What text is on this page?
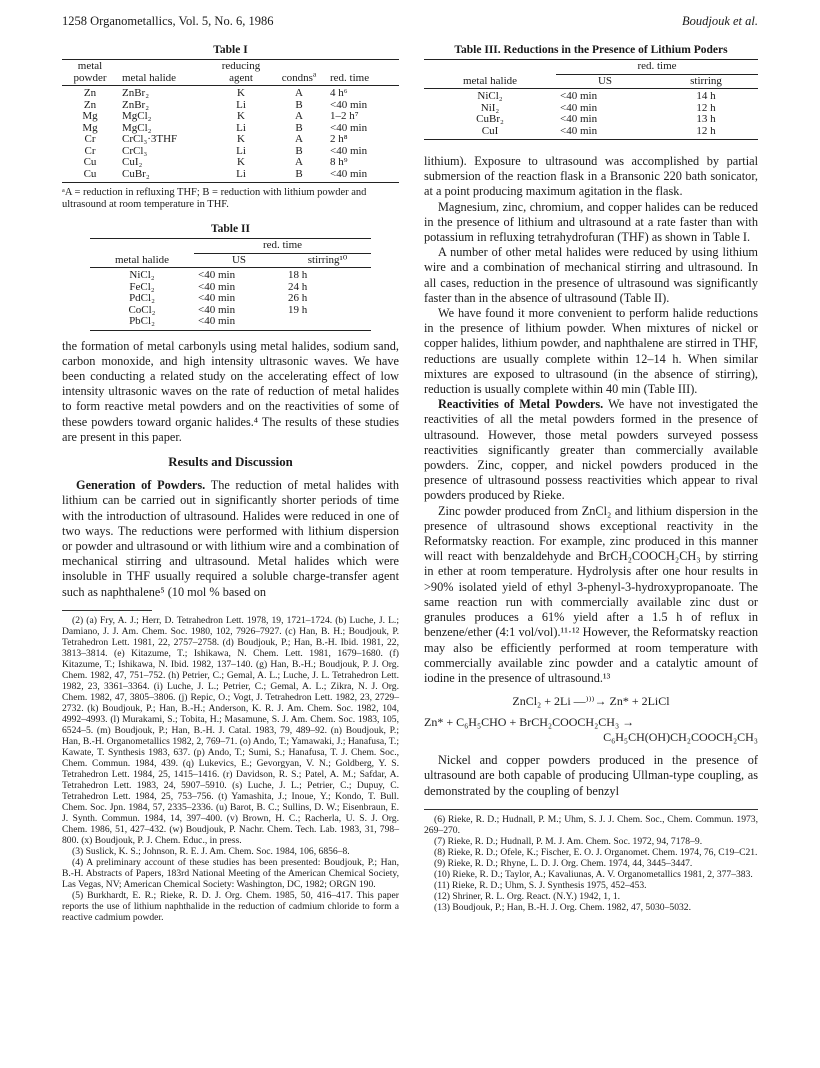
1258 Organometallics, Vol. 5, No. 6, 1986	Boudjouk et al.
Table I
metal powder	metal halide	reducing agent	condns$^a$	red. time
Zn	ZnBr₂	K	A	4 h⁶
Zn	ZnBr₂	Li	B	<40 min
Mg	MgCl₂	K	A	1–2 h⁷
Mg	MgCl₂	Li	B	<40 min
Cr	CrCl₃·3THF	K	A	2 h⁸
Cr	CrCl₃	Li	B	<40 min
Cu	CuI₂	K	A	8 h⁹
Cu	CuBr₂	Li	B	<40 min
ᵃA = reduction in refluxing THF; B = reduction with lithium powder and ultrasound at room temperature in THF.
Table II
	red. time	
metal halide	US	stirring¹⁰
NiCl₂	<40 min	18 h
FeCl₂	<40 min	24 h
PdCl₂	<40 min	26 h
CoCl₂	<40 min	19 h
PbCl₂	<40 min	

the formation of metal carbonyls using metal halides, sodium sand, carbon monoxide, and high intensity ultrasonic waves. We have been conducting a related study on the accelerating effect of low intensity ultrasonic waves on the rate of reduction of metal halides to form reactive metal powders and on the reactivities of some of these powders toward organic halides.⁴ The results of these studies are present in this paper.

Results and Discussion

Generation of Powders. The reduction of metal halides with lithium can be carried out in significantly shorter periods of time with the introduction of ultrasound. Halides were reduced in one of two ways. The reductions were performed with lithium dispersion or powder and ultrasound or with lithium wire and a combination of mechanical stirring and ultrasound. Metal halides which were insoluble in THF usually required a soluble charge-transfer agent such as naphthalene⁵ (10 mol % based on

(2) (a) Fry, A. J.; Herr, D. Tetrahedron Lett. 1978, 19, 1721–1724. (b) Luche, J. L.; Damiano, J. J. Am. Chem. Soc. 1980, 102, 7926–7927. (c) Han, B. H.; Boudjouk, P. Tetrahedron Lett. 1981, 22, 2757–2758. (d) Boudjouk, P.; Han, B.-H. Ibid. 1981, 22, 3813–3814. (e) Kitazume, T.; Ishikawa, N. Chem. Lett. 1981, 1679–1680. (f) Kitazume, T.; Ishikawa, N. Ibid. 1982, 137–140. (g) Han, B.-H.; Boudjouk, P. J. Org. Chem. 1982, 47, 751–752. (h) Petrier, C.; Gemal, A. L.; Luche, J. L. Tetrahedron Lett. 1982, 23, 3361–3364. (i) Luche, J. L.; Petrier, C.; Gemal, A. L.; Zikra, N. J. Org. Chem. 1982, 47, 3805–3806. (j) Repic, O.; Vogt, J. Tetrahedron Lett. 1982, 23, 2729–2732. (k) Boudjouk, P.; Han, B.-H.; Anderson, K. R. J. Am. Chem. Soc. 1982, 104, 4992–4993. (l) Murakami, S.; Tobita, H.; Masamune, S. J. Am. Chem. Soc. 1983, 105, 6524–5. (m) Boudjouk, P.; Han, B.-H. J. Catal. 1983, 79, 489–92. (n) Boudjouk, P.; Han, B.-H. Organometallics 1982, 2, 769–71. (o) Ando, T.; Yamawaki, J.; Hanafusa, T.; Kawate, T. Synthesis 1983, 637. (p) Ando, T.; Sumi, S.; Hanafusa, T. J. Chem. Soc., Chem. Commun. 1984, 439. (q) Lukevics, E.; Gevorgyan, V. N.; Goldberg, Y. S. Tetrahedron Lett. 1984, 25, 1415–1416. (r) Davidson, R. S.; Patel, A. M.; Safdar, A. Tetrahedron Lett. 1983, 24, 5907–5910. (s) Luche, J. L.; Petrier, C.; Dupuy, C. Tetrahedron Lett. 1984, 25, 753–756. (t) Yamashita, J.; Inoue, Y.; Kondo, T. Bull. Chem. Soc. Jpn. 1984, 57, 2335–2336. (u) Barot, B. C.; Sullins, D. W.; Eisenbraun, E. J. Synth. Commun. 1984, 14, 397–400. (v) Brown, H. C.; Racherla, U. S. J. Org. Chem. 1986, 51, 427–432. (w) Boudjouk, P. Nachr. Chem. Tech. Lab. 1983, 31, 798–800. (x) Boudjouk, P. J. Chem. Educ., in press.

(3) Suslick, K. S.; Johnson, R. E. J. Am. Chem. Soc. 1984, 106, 6856–8.

(4) A preliminary account of these studies has been presented: Boudjouk, P.; Han, B.-H. Abstracts of Papers, 183rd National Meeting of the American Chemical Society, Las Vegas, NV; American Chemical Society: Washington, DC, 1982; ORGN 190.

(5) Burkhardt, E. R.; Rieke, R. D. J. Org. Chem. 1985, 50, 416–417. This paper reports the use of lithium naphthalide in the reduction of cadmium chloride to form a reactive cadmium powder.

Table III. Reductions in the Presence of Lithium Poders
	red. time	
metal halide	US	stirring
NiCl₂	<40 min	14 h
NiI₂	<40 min	12 h
CuBr₂	<40 min	13 h
CuI	<40 min	12 h

lithium). Exposure to ultrasound was accomplished by partial submersion of the reaction flask in a Bransonic 220 bath sonicator, at a point producing maximum agitation in the flask.

Magnesium, zinc, chromium, and copper halides can be reduced in the presence of lithium and ultrasound at a rate faster than with potassium in refluxing tetrahydrofuran (THF) as shown in Table I.

A number of other metal halides were reduced by using lithium wire and a combination of mechanical stirring and ultrasound. In all cases, reduction in the presence of ultrasound was significantly faster than in the absence of ultrasound (Table II).

We have found it more convenient to perform halide reductions in the presence of lithium powder. When mixtures of nickel or copper halides, lithium powder, and naphthalene are stirred in THF, reductions are usually complete within 12–14 h. When similar mixtures are exposed to ultrasound (in the absence of stirring), reduction is usually complete within 40 min (Table III).

Reactivities of Metal Powders. We have not investigated the reactivities of all the metal powders formed in the presence of ultrasound. However, those metal powders surveyed possess reactivities significantly greater than commercially available powders. Zinc, copper, and nickel powders produced in the presence of ultrasound possess reactivities which appear to rival powders produced by Rieke.

Zinc powder produced from ZnCl₂ and lithium dispersion in the presence of ultrasound shows exceptional reactivity in the Reformatsky reaction. For example, zinc produced in this manner will react with benzaldehyde and BrCH₂COOCH₂CH₃ by stirring in ether at room temperature. Hydrolysis after one hour results in >90% isolated yield of ethyl 3-phenyl-3-hydroxypropanoate. The same reaction run with commercially available zinc dust or granules produces a 61% yield after a 1.5 h of reflux in benzene/ether (4:1 vol/vol).¹¹·¹² However, the Reformatsky reaction may also be efficiently performed at room temperature with commercially available zinc powder and a catalytic amount of iodine in the presence of ultrasound.¹³

ZnCl₂ + 2Li —⁾⁾⁾→ Zn* + 2LiCl
Zn* + C₆H₅CHO + BrCH₂COOCH₂CH₃ →
C₆H₅CH(OH)CH₂COOCH₂CH₃

Nickel and copper powders produced in the presence of ultrasound are both capable of producing Ullman-type coupling, as demonstrated by the coupling of benzyl

(6) Rieke, R. D.; Hudnall, P. M.; Uhm, S. J. J. Chem. Soc., Chem. Commun. 1973, 269–270.

(7) Rieke, R. D.; Hudnall, P. M. J. Am. Chem. Soc. 1972, 94, 7178–9.

(8) Rieke, R. D.; Ofele, K.; Fischer, E. O. J. Organomet. Chem. 1974, 76, C19–C21.

(9) Rieke, R. D.; Rhyne, L. D. J. Org. Chem. 1974, 44, 3445–3447.

(10) Rieke, R. D.; Taylor, A.; Kavaliunas, A. V. Organometallics 1981, 2, 377–383.

(11) Rieke, R. D.; Uhm, S. J. Synthesis 1975, 452–453.

(12) Shriner, R. L. Org. React. (N.Y.) 1942, 1, 1.

(13) Boudjouk, P.; Han, B.-H. J. Org. Chem. 1982, 47, 5030–5032.
